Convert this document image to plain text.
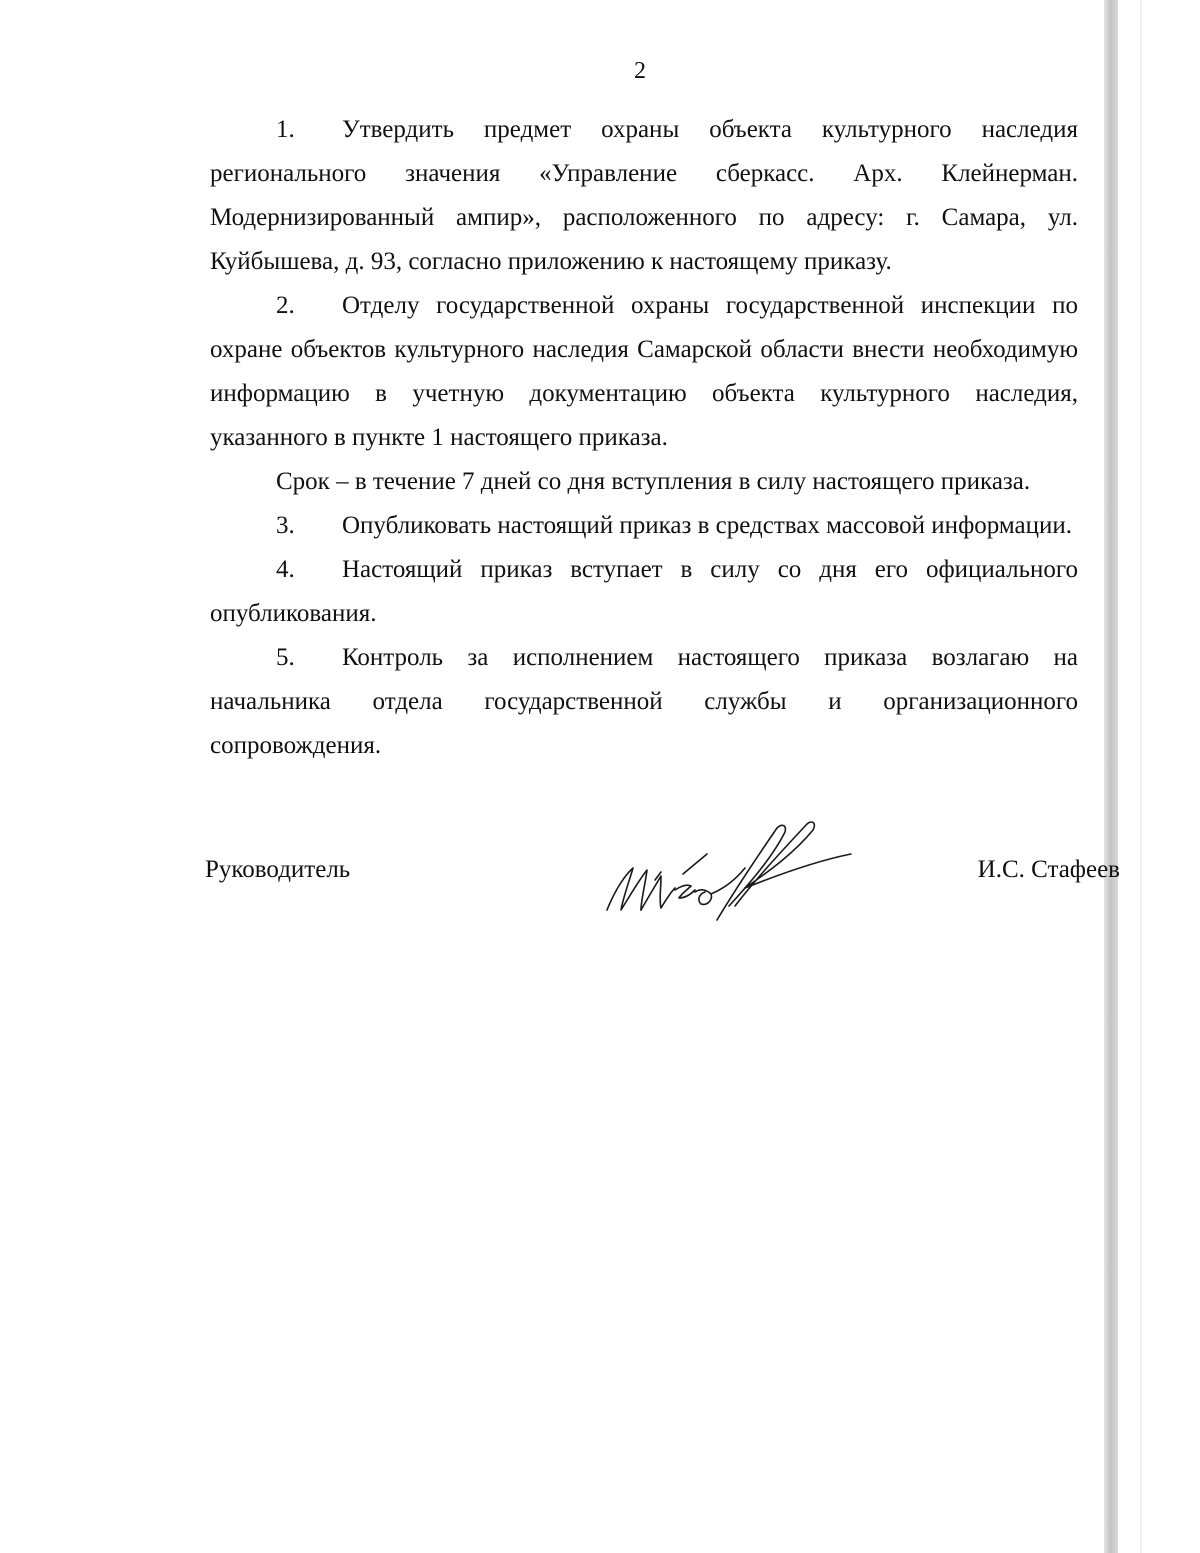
2

1. Утвердить предмет охраны объекта культурного наследия регионального значения «Управление сберкасс. Арх. Клейнерман. Модернизированный ампир», расположенного по адресу: г. Самара, ул. Куйбышева, д. 93, согласно приложению к настоящему приказу.

2. Отделу государственной охраны государственной инспекции по охране объектов культурного наследия Самарской области внести необходимую информацию в учетную документацию объекта культурного наследия, указанного в пункте 1 настоящего приказа.

Срок – в течение 7 дней со дня вступления в силу настоящего приказа.

3. Опубликовать настоящий приказ в средствах массовой информации.

4. Настоящий приказ вступает в силу со дня его официального опубликования.

5. Контроль за исполнением настоящего приказа возлагаю на начальника отдела государственной службы и организационного сопровождения.

Руководитель	И.С. Стафеев
